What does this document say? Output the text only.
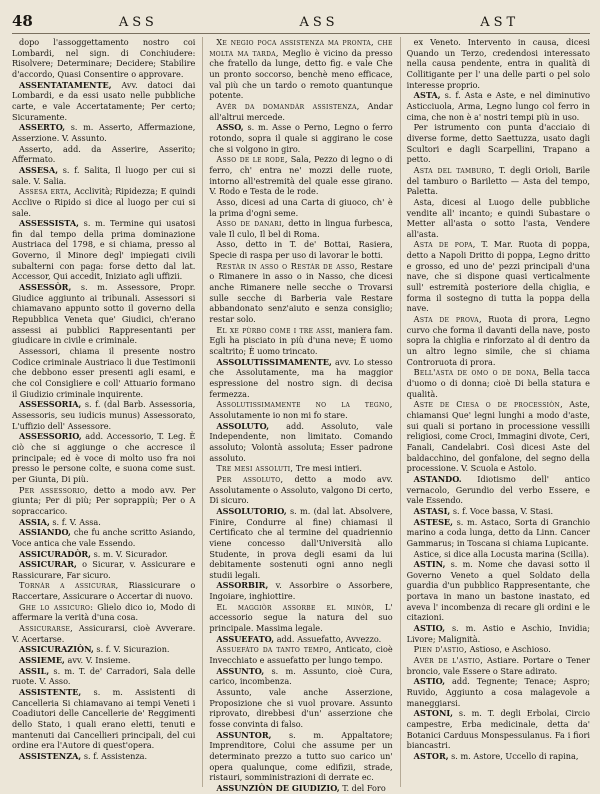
48	ASS	ASS	AST

dopo l'assoggettamento nostro coi Lombardi, nel sign. di Conchiudere: Risolvere; Determinare; Decidere; Stabilire d'accordo, Quasi Consentire o approvare.

ASSENTATAMENTE, Avv. datoci dai Lombardi, e da essi usato nelle pubbliche carte, e vale Accertatamente; Per certo; Sicuramente.

ASSERTO, s. m. Asserto, Affermazione, Asserzione. V. Assunto.

Asserto, add. da Asserire, Asserito; Affermato.

ASSESA, s. f. Salita, Il luogo per cui si sale. V. Salia.

Assesa erta, Acclività; Ripidezza; E quindi Acclive o Ripido si dice al luogo per cui si sale.

ASSESSISTA, s. m. Termine qui usatosi fin dal tempo della prima dominazione Austriaca del 1798, e si chiama, presso al Governo, il Minore degl' impiegati civili subalterni con paga: forse detto dal lat. Accessor, Qui accedit, Iniziato agli uffizii.

ASSESSÒR, s. m. Assessore, Propr. Giudice aggiunto ai tribunali. Assessori si chiamavano appunto sotto il governo della Repubblica Veneta que' Giudici, ch'erano assessi ai pubblici Rappresentanti per giudicare in civile e criminale.

Assessori, chiama il presente nostro Codice criminale Austriaco li due Testimonii che debbono esser presenti agli esami, e che col Consigliere e coll' Attuario formano il Giudizio criminale inquirente.

ASSESSORIA, s. f. (dal Barb. Assessoria, Assessoris, seu iudicis munus) Assessorato, L'uffizio dell' Assessore.

ASSESSORIO, add. Accessorio, T. Leg. È ciò che si aggiunge o che accresce il principale; ed è voce di molto uso fra noi presso le persone colte, e suona come sust. per Giunta, Di più.

Per assessorio, detto a modo avv. Per giunta; Per di più; Per soprappiù; Per o A sopraccarico.

ASSIA, s. f. V. Assa.

ASSIANDO, che fu anche scritto Asiando, Voce antica che vale Essendo.

ASSICURADÒR, s. m. V. Sicurador.

ASSICURAR, o Sicurar, v. Assicurare e Rassicurare, Far sicuro.

Tornàr a assicurar, Riassicurare o Raccertare, Assicurare o Accertar di nuovo.

Ghe lo assicuro: Glielo dico io, Modo di affermare la verità d'una cosa.

Assicurarse, Assicurarsi, cioè Avverare. V. Acertarse.

ASSICURAZIÒN, s. f. V. Sicurazion.

ASSIEME, avv. V. Insieme.

ASSIL, s. m. T. de' Carradori, Sala delle ruote. V. Asso.

ASSISTENTE, s. m. Assistenti di Cancelleria Si chiamavano ai tempi Veneti i Coadiutori delle Cancellerie de' Reggimenti dello Stato, i quali erano eletti, tenuti e mantenuti dai Cancellieri principali, del cui ordine era l'Autore di quest'opera.

ASSISTENZA, s. f. Assistenza.

Xe negio poca assistenza ma pronta, che molta ma tarda, Meglio è vicino da presso che fratello da lunge, detto fig. e vale Che un pronto soccorso, benchè meno efficace, val più che un tardo o remoto quantunque potente.

Avér da domandàr assistenza, Andar all'altrui mercede.

ASSO, s. m. Asse o Perno, Legno o ferro rotondo, sopra il quale si aggirano le cose che si volgono in giro.

Asso de le rode, Sala, Pezzo di legno o di ferro, ch' entra ne' mozzi delle ruote, intorno all'estremità del quale esse girano. V. Rodo e Testa de le rode.

Asso, dicesi ad una Carta di giuoco, ch' è la prima d'ogni seme.

Asso de danari, detto in lingua furbesca, vale Il culo, Il bel di Roma.

Asso, detto in T. de' Bottai, Rasiera, Specie di raspa per uso di lavorar le botti.

Restàr in asso o Restàr de asso, Restare o Rimanere in asso o in Nasso, che dicesi anche Rimanere nelle secche o Trovarsi sulle secche di Barberia vale Restare abbandonato senz'aiuto e senza consiglio; restar solo.

El xe pùrbo come i tre assi, maniera fam. Egli ha pisciato in più d'una neve; È uomo scaltrito; È uomo trincato.

ASSOLUTISSIMAMENTE, avv. Lo stesso che Assolutamente, ma ha maggior espressione del nostro sign. di decisa fermezza.

Assolutissimamente no la tegno, Assolutamente io non mi fo stare.

ASSOLUTO, add. Assoluto, vale Independente, non limitato. Comando assoluto; Volontà assoluta; Esser padrone assoluto.

Tre mesi assoluti, Tre mesi intieri.

Per assoluto, detto a modo avv. Assolutamente o Assoluto, valgono Di certo, Di sicuro.

ASSOLUTORIO, s. m. (dal lat. Absolvere, Finire, Condurre al fine) chiamasi il Certificato che al termine del quadriennio viene concesso dall'Università allo Studente, in prova degli esami da lui debitamente sostenuti ogni anno negli studii legali.

ASSORBIR, v. Assorbire o Assorbere, Ingoiare, inghiottire.

El maggiòr assorbe el minòr, L' accessorio segue la natura del suo principale. Massima legale.

ASSUEFATO, add. Assuefatto, Avvezzo.

Assuefàto da tanto tempo, Anticato, cioè Invecchiato e assuefatto per lungo tempo.

ASSUNTO, s. m. Assunto, cioè Cura, carico, incombenza.

Assunto, vale anche Asserzione, Proposizione che si vuol provare. Assunto riprovato, direbbesi d'un' asserzione che fosse convinta di falso.

ASSUNTOR, s. m. Appaltatore; Imprenditore, Colui che assume per un determinato prezzo a tutto suo carico un' opera qualunque, come edifizii, strade, ristauri, somministrazioni di derrate ec.

ASSUNZIÒN DE GIUDIZIO, T. del Foro

ex Veneto. Intervento in causa, dicesi Quando un Terzo, credendosi interessato nella causa pendente, entra in qualità di Collitigante per l' una delle parti o pel solo interesse proprio.

ASTA, s. f. Asta e Aste, e nel diminutivo Asticciuola, Arma, Legno lungo col ferro in cima, che non è a' nostri tempi più in uso.

Per istrumento con punta d'acciaio di diverse forme, detto Saettuzza, usato dagli Scultori e dagli Scarpellini, Trapano a petto.

Asta del tamburo, T. degli Orioli, Barile del tamburo o Bariletto — Asta del tempo, Paletta.

Asta, dicesi al Luogo delle pubbliche vendite all' incanto; e quindi Subastare o Metter all'asta o sotto l'asta, Vendere all'asta.

Asta de popa, T. Mar. Ruota di poppa, detto a Napoli Dritto di poppa, Legno dritto e grosso, ed uno de' pezzi principali d'una nave, che si dispone quasi verticalmente sull' estremità posteriore della chiglia, e forma il sostegno di tutta la poppa della nave.

Asta de prova, Ruota di prora, Legno curvo che forma il davanti della nave, posto sopra la chiglia e rinforzato al di dentro da un altro legno simile, che si chiama Controruota di prora.

Bell'asta de omo o de dona, Bella tacca d'uomo o di donna; cioè Di bella statura e qualità.

Aste de Ciesa o de processiòn, Aste, chiamansi Que' legni lunghi a modo d'aste, sui quali si portano in processione vessilli religiosi, come Croci, Immagini divote, Ceri, Fanali, Candelabri. Così dicesi Aste del baldacchino, del gonfalone, del segno della processione. V. Scuola e Astolo.

ASTANDO. Idiotismo dell' antico vernacolo, Gerundio del verbo Essere, e vale Essendo.

ASTASI, s. f. Voce bassa, V. Stasi.

ASTESE, s. m. Astaco, Sorta di Granchio marino a coda lunga, detto da Linn. Cancer Gammarus; in Toscana si chiama Lupicante.

Astice, si dice alla Locusta marina (Scilla).

ASTIN, s. m. Nome che davasi sotto il Governo Veneto a quel Soldato della guardia d'un pubblico Rappresentante, che portava in mano un bastone inastato, ed aveva l' incombenza di recare gli ordini e le citazioni.

ASTIO, s. m. Astio e Aschio, Invidia; Livore; Malignità.

Pien d'astio, Astioso, e Aschioso.

Avér de l'astio, Astiare. Portare o Tener broncio, vale Essere o Stare adirato.

ASTIO, add. Tegnente; Tenace; Aspro; Ruvido, Aggiunto a cosa malagevole a maneggiarsi.

ASTONI, s. m. T. degli Erbolai, Circio campestre, Erba medicinale, detta da' Botanici Carduus Monspessulanus. Fa i fiori biancastri.

ASTOR, s. m. Astore, Uccello di rapina,
